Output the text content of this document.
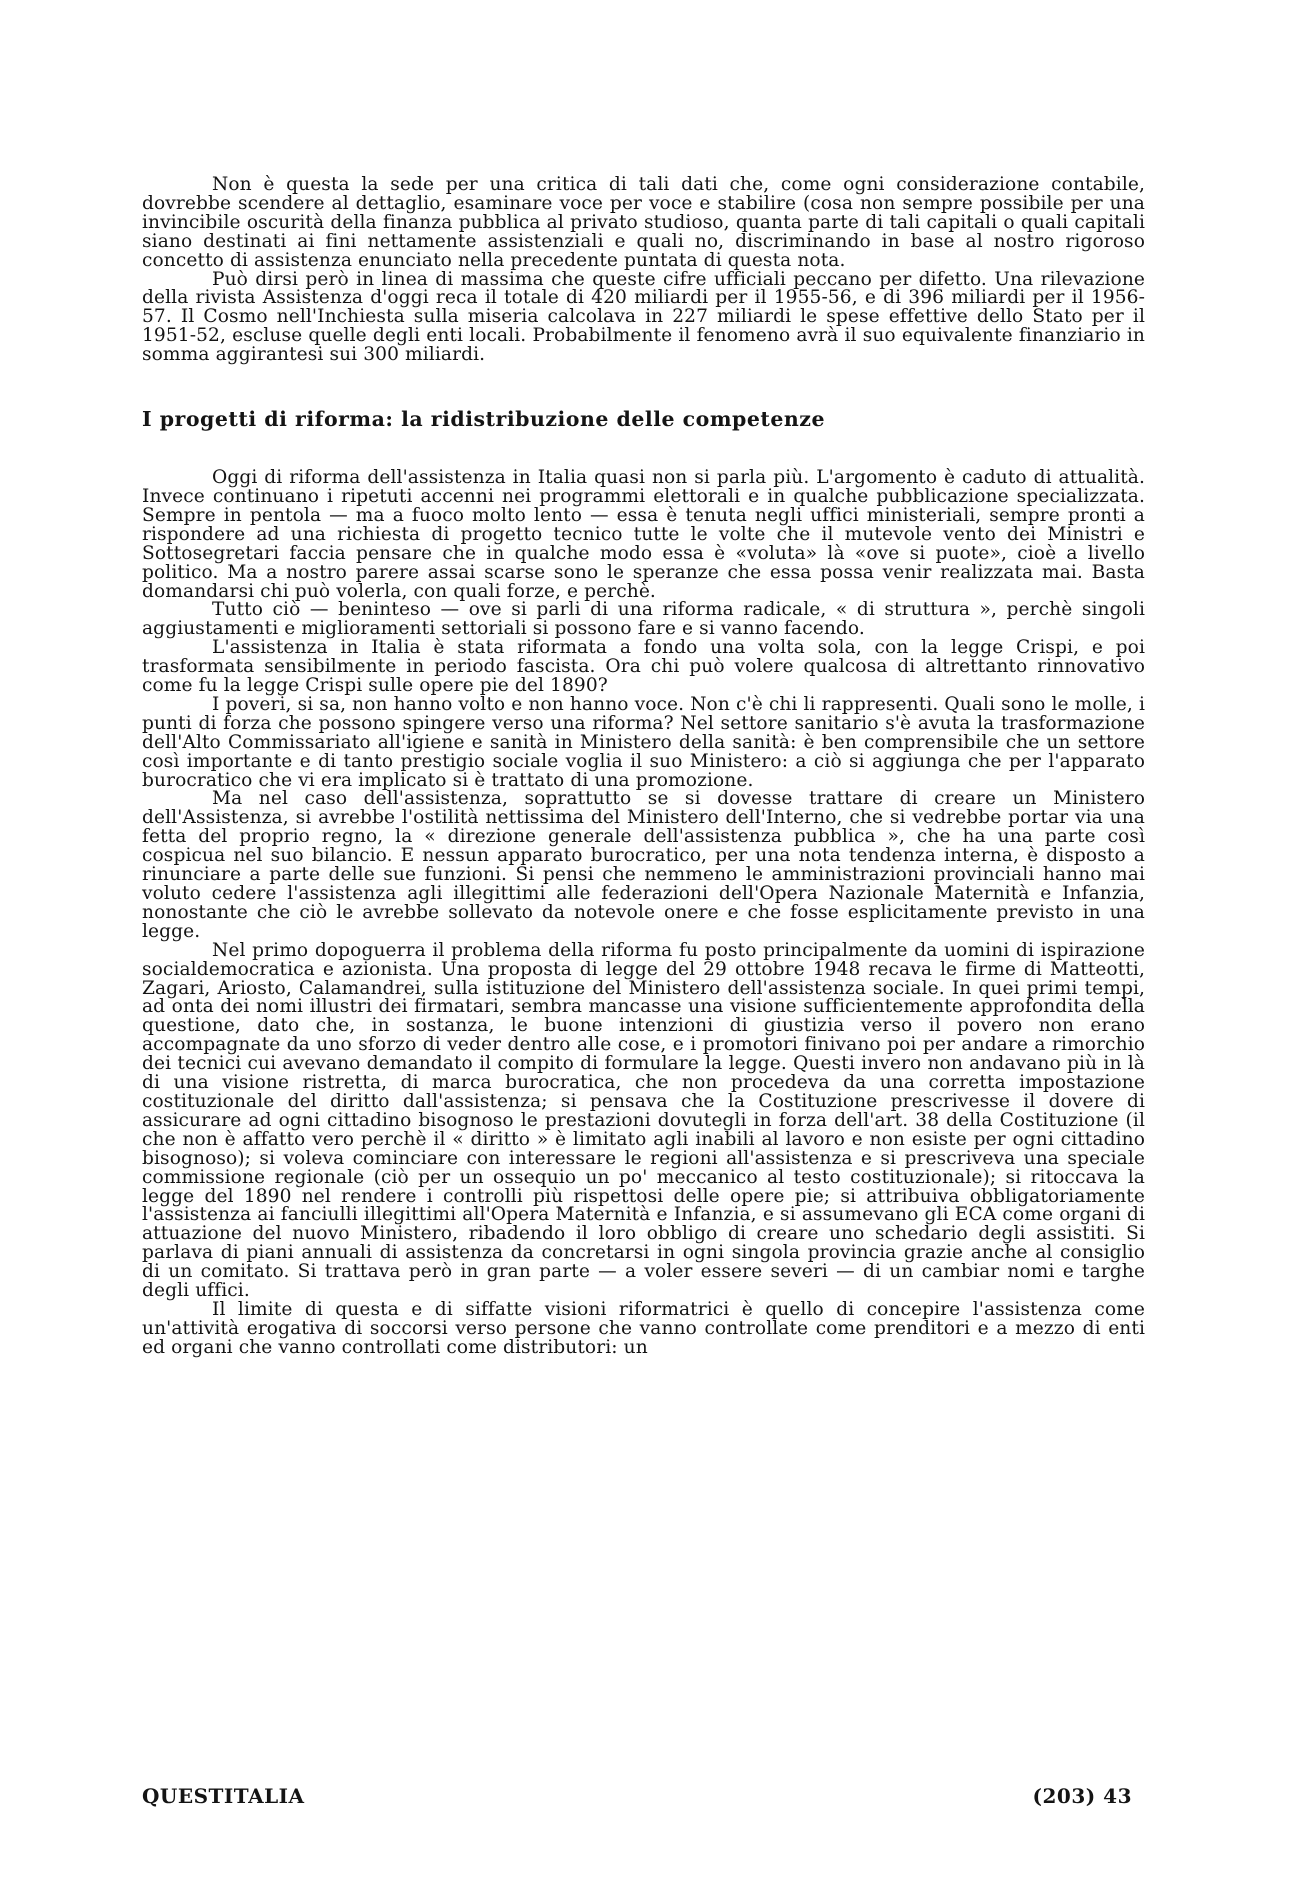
Non è questa la sede per una critica di tali dati che, come ogni considerazione contabile, dovrebbe scendere al dettaglio, esaminare voce per voce e stabilire (cosa non sempre possibile per una invincibile oscurità della finanza pubblica al privato studioso, quanta parte di tali capitali o quali capitali siano destinati ai fini nettamente assistenziali e quali no, discriminando in base al nostro rigoroso concetto di assistenza enunciato nella precedente puntata di questa nota.

Può dirsi però in linea di massima che queste cifre ufficiali peccano per difetto. Una rilevazione della rivista Assistenza d'oggi reca il totale di 420 miliardi per il 1955-56, e di 396 miliardi per il 1956-57. Il Cosmo nell'Inchiesta sulla miseria calcolava in 227 miliardi le spese effettive dello Stato per il 1951-52, escluse quelle degli enti locali. Probabilmente il fenomeno avrà il suo equivalente finanziario in somma aggirantesi sui 300 miliardi.

I progetti di riforma: la ridistribuzione delle competenze

Oggi di riforma dell'assistenza in Italia quasi non si parla più. L'argomento è caduto di attualità. Invece continuano i ripetuti accenni nei programmi elettorali e in qualche pubblicazione specializzata. Sempre in pentola — ma a fuoco molto lento — essa è tenuta negli uffici ministeriali, sempre pronti a rispondere ad una richiesta di progetto tecnico tutte le volte che il mutevole vento dei Ministri e Sottosegretari faccia pensare che in qualche modo essa è «voluta» là «ove si puote», cioè a livello politico. Ma a nostro parere assai scarse sono le speranze che essa possa venir realizzata mai. Basta domandarsi chi può volerla, con quali forze, e perchè.

Tutto ciò — beninteso — ove si parli di una riforma radicale, « di struttura », perchè singoli aggiustamenti e miglioramenti settoriali si possono fare e si vanno facendo.

L'assistenza in Italia è stata riformata a fondo una volta sola, con la legge Crispi, e poi trasformata sensibilmente in periodo fascista. Ora chi può volere qualcosa di altrettanto rinnovativo come fu la legge Crispi sulle opere pie del 1890?

I poveri, si sa, non hanno volto e non hanno voce. Non c'è chi li rappresenti. Quali sono le molle, i punti di forza che possono spingere verso una riforma? Nel settore sanitario s'è avuta la trasformazione dell'Alto Commissariato all'igiene e sanità in Ministero della sanità: è ben comprensibile che un settore così importante e di tanto prestigio sociale voglia il suo Ministero: a ciò si aggiunga che per l'apparato burocratico che vi era implicato si è trattato di una promozione.

Ma nel caso dell'assistenza, soprattutto se si dovesse trattare di creare un Ministero dell'Assistenza, si avrebbe l'ostilità nettissima del Ministero dell'Interno, che si vedrebbe portar via una fetta del proprio regno, la « direzione generale dell'assistenza pubblica », che ha una parte così cospicua nel suo bilancio. E nessun apparato burocratico, per una nota tendenza interna, è disposto a rinunciare a parte delle sue funzioni. Si pensi che nemmeno le amministrazioni provinciali hanno mai voluto cedere l'assistenza agli illegittimi alle federazioni dell'Opera Nazionale Maternità e Infanzia, nonostante che ciò le avrebbe sollevato da notevole onere e che fosse esplicitamente previsto in una legge.

Nel primo dopoguerra il problema della riforma fu posto principalmente da uomini di ispirazione socialdemocratica e azionista. Una proposta di legge del 29 ottobre 1948 recava le firme di Matteotti, Zagari, Ariosto, Calamandrei, sulla istituzione del Ministero dell'assistenza sociale. In quei primi tempi, ad onta dei nomi illustri dei firmatari, sembra mancasse una visione sufficientemente approfondita della questione, dato che, in sostanza, le buone intenzioni di giustizia verso il povero non erano accompagnate da uno sforzo di veder dentro alle cose, e i promotori finivano poi per andare a rimorchio dei tecnici cui avevano demandato il compito di formulare la legge. Questi invero non andavano più in là di una visione ristretta, di marca burocratica, che non procedeva da una corretta impostazione costituzionale del diritto dall'assistenza; si pensava che la Costituzione prescrivesse il dovere di assicurare ad ogni cittadino bisognoso le prestazioni dovutegli in forza dell'art. 38 della Costituzione (il che non è affatto vero perchè il « diritto » è limitato agli inabili al lavoro e non esiste per ogni cittadino bisognoso); si voleva cominciare con interessare le regioni all'assistenza e si prescriveva una speciale commissione regionale (ciò per un ossequio un po' meccanico al testo costituzionale); si ritoccava la legge del 1890 nel rendere i controlli più rispettosi delle opere pie; si attribuiva obbligatoriamente l'assistenza ai fanciulli illegittimi all'Opera Maternità e Infanzia, e si assumevano gli ECA come organi di attuazione del nuovo Ministero, ribadendo il loro obbligo di creare uno schedario degli assistiti. Si parlava di piani annuali di assistenza da concretarsi in ogni singola provincia grazie anche al consiglio di un comitato. Si trattava però in gran parte — a voler essere severi — di un cambiar nomi e targhe degli uffici.

Il limite di questa e di siffatte visioni riformatrici è quello di concepire l'assistenza come un'attività erogativa di soccorsi verso persone che vanno controllate come prenditori e a mezzo di enti ed organi che vanno controllati come distributori: un

QUESTITALIA	(203) 43
